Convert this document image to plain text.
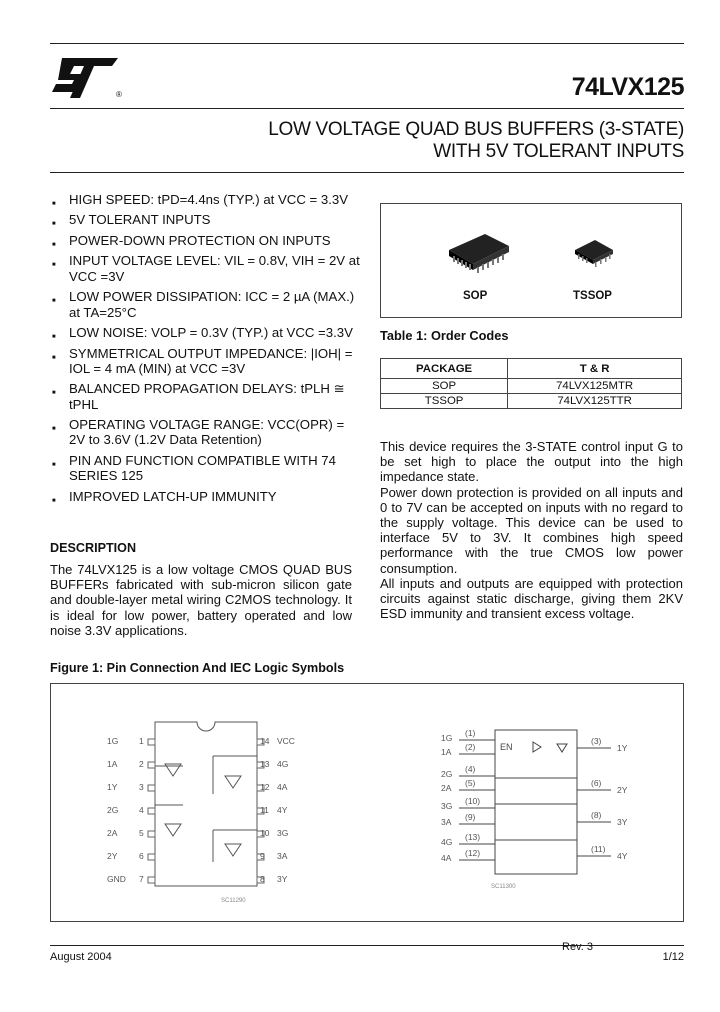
®	74LVX125
LOW VOLTAGE QUAD BUS BUFFERS (3-STATE)
WITH 5V TOLERANT INPUTS
■ HIGH SPEED: tPD=4.4ns (TYP.) at VCC = 3.3V
■ 5V TOLERANT INPUTS
■ POWER-DOWN PROTECTION ON INPUTS
■ INPUT VOLTAGE LEVEL: VIL = 0.8V, VIH = 2V at VCC =3V
■ LOW POWER DISSIPATION: ICC = 2 µA (MAX.) at TA=25°C
■ LOW NOISE: VOLP = 0.3V (TYP.) at VCC =3.3V
■ SYMMETRICAL OUTPUT IMPEDANCE: |IOH| = IOL = 4 mA (MIN) at VCC =3V
■ BALANCED PROPAGATION DELAYS: tPLH ≅ tPHL
■ OPERATING VOLTAGE RANGE: VCC(OPR) = 2V to 3.6V (1.2V Data Retention)
■ PIN AND FUNCTION COMPATIBLE WITH 74 SERIES 125
■ IMPROVED LATCH-UP IMMUNITY
DESCRIPTION
The 74LVX125 is a low voltage CMOS QUAD BUS BUFFERs fabricated with sub-micron silicon gate and double-layer metal wiring C2MOS technology. It is ideal for low power, battery operated and low noise 3.3V applications.
SOP	TSSOP
Table 1: Order Codes
PACKAGE	T & R
SOP	74LVX125MTR
TSSOP	74LVX125TTR

This device requires the 3-STATE control input G to be set high to place the output into the high impedance state.

Power down protection is provided on all inputs and 0 to 7V can be accepted on inputs with no regard to the supply voltage. This device can be used to interface 5V to 3V. It combines high speed performance with the true CMOS low power consumption.

All inputs and outputs are equipped with protection circuits against static discharge, giving them 2KV ESD immunity and transient excess voltage.

Figure 1: Pin Connection And IEC Logic Symbols
SC11290
SC11300
EN
1G 1	14 VCC
1A	2	13 4G
1Y	3	12 4A
2G 4	11 4Y
2A	5	10 3G
2Y	6	9 3A
GND 7	8 3Y
1G (1)
1A (2)
2G (4)
2A (5)
3G (10)
3A (9)
4G (13)
4A (12)
(3)
1Y
(6)
2Y
(8)
3Y
(11)
4Y
Rev. 3
August 2004	1/12
